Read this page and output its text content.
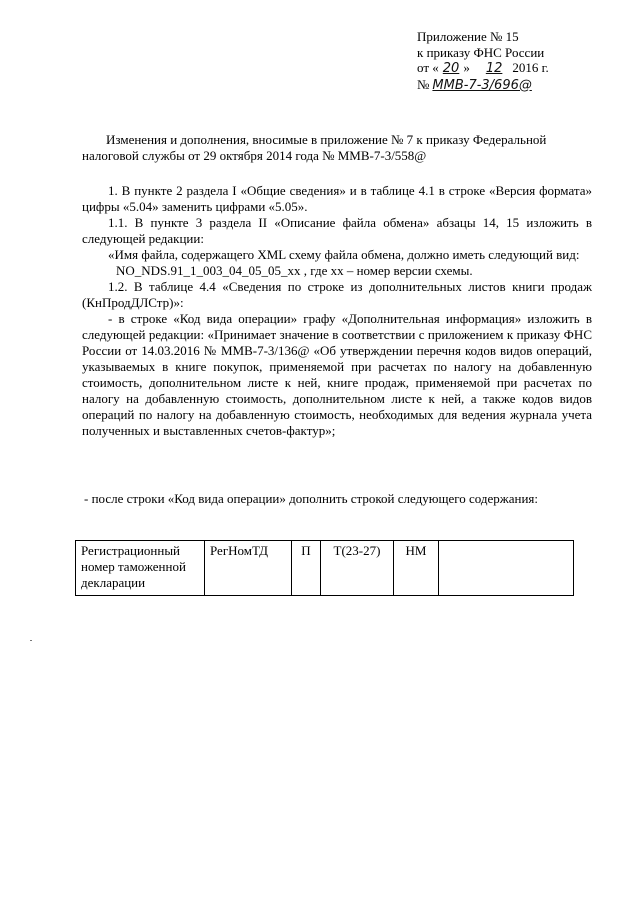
Приложение № 15
к приказу ФНС России
от « 20 » 12 2016 г.
№ ММВ-7-3/696@

Изменения и дополнения, вносимые в приложение № 7 к приказу Федеральной налоговой службы от 29 октября 2014 года № ММВ-7-3/558@

1. В пункте 2 раздела I «Общие сведения» и в таблице 4.1 в строке «Версия формата» цифры «5.04» заменить цифрами «5.05».

1.1. В пункте 3 раздела II «Описание файла обмена» абзацы 14, 15 изложить в следующей редакции:

«Имя файла, содержащего XML схему файла обмена, должно иметь следующий вид:

NO_NDS.91_1_003_04_05_05_xx , где хх – номер версии схемы.

1.2. В таблице 4.4 «Сведения по строке из дополнительных листов книги продаж (КнПродДЛСтр)»:

- в строке «Код вида операции» графу «Дополнительная информация» изложить в следующей редакции: «Принимает значение в соответствии с приложением к приказу ФНС России от 14.03.2016 № ММВ-7-3/136@ «Об утверждении перечня кодов видов операций, указываемых в книге покупок, применяемой при расчетах по налогу на добавленную стоимость, дополнительном листе к ней, книге продаж, применяемой при расчетах по налогу на добавленную стоимость, дополнительном листе к ней, а также кодов видов операций по налогу на добавленную стоимость, необходимых для ведения журнала учета полученных и выставленных счетов-фактур»;

- после строки «Код вида операции» дополнить строкой следующего содержания:

Регистрационный номер таможенной декларации	РегНомТД	П	T(23-27)	НМ	
